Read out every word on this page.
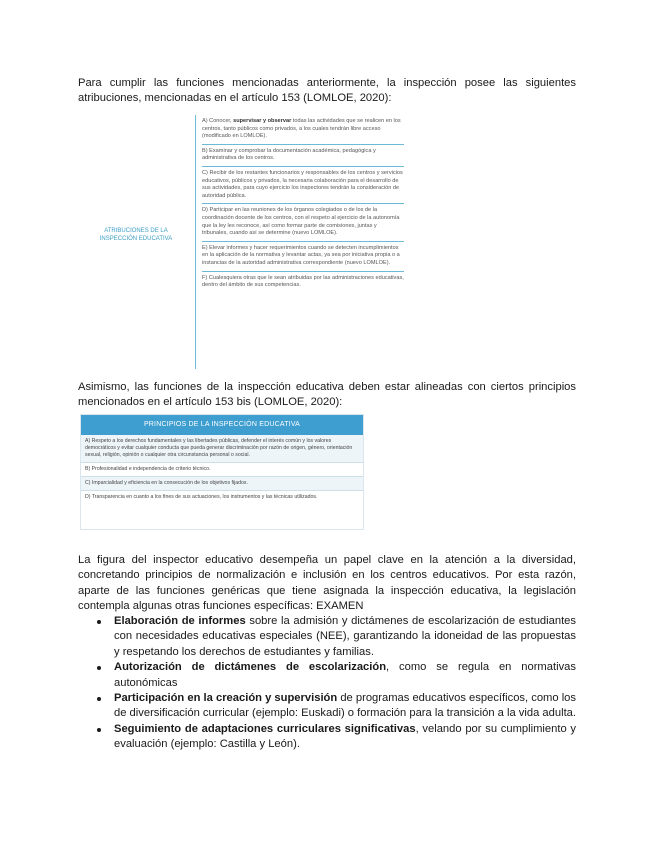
Para cumplir las funciones mencionadas anteriormente, la inspección posee las siguientes atribuciones, mencionadas en el artículo 153 (LOMLOE, 2020):

ATRIBUCIONES DE LA INSPECCIÓN EDUCATIVA
A) Conocer, supervisar y observar todas las actividades que se realicen en los centros, tanto públicos como privados, a los cuales tendrán libre acceso (modificado en LOMLOE).
B) Examinar y comprobar la documentación académica, pedagógica y administrativa de los centros.
C) Recibir de los restantes funcionarios y responsables de los centros y servicios educativos, públicos y privados, la necesaria colaboración para el desarrollo de sus actividades, para cuyo ejercicio los inspectores tendrán la consideración de autoridad pública.
D) Participar en las reuniones de los órganos colegiados o de los de la coordinación docente de los centros, con el respeto al ejercicio de la autonomía que la ley les reconoce, así como formar parte de comisiones, juntas y tribunales, cuando así se determine (nuevo LOMLOE).
E) Elevar informes y hacer requerimientos cuando se detecten incumplimientos en la aplicación de la normativa y levantar actas, ya sea por iniciativa propia o a instancias de la autoridad administrativa correspondiente (nuevo LOMLOE).
F) Cualesquiera otras que le sean atribuidas por las administraciones educativas, dentro del ámbito de sus competencias.

Asimismo, las funciones de la inspección educativa deben estar alineadas con ciertos principios mencionados en el artículo 153 bis (LOMLOE, 2020):

PRINCIPIOS DE LA INSPECCIÓN EDUCATIVA
A) Respeto a los derechos fundamentales y las libertades públicas, defender el interés común y los valores democráticos y evitar cualquier conducta que pueda generar discriminación por razón de origen, género, orientación sexual, religión, opinión o cualquier otra circunstancia personal o social.
B) Profesionalidad e independencia de criterio técnico.
C) Imparcialidad y eficiencia en la consecución de los objetivos fijados.
D) Transparencia en cuanto a los fines de sus actuaciones, los instrumentos y las técnicas utilizados.

La figura del inspector educativo desempeña un papel clave en la atención a la diversidad, concretando principios de normalización e inclusión en los centros educativos. Por esta razón, aparte de las funciones genéricas que tiene asignada la inspección educativa, la legislación contempla algunas otras funciones específicas: EXAMEN

Elaboración de informes sobre la admisión y dictámenes de escolarización de estudiantes con necesidades educativas especiales (NEE), garantizando la idoneidad de las propuestas y respetando los derechos de estudiantes y familias.
Autorización de dictámenes de escolarización, como se regula en normativas autonómicas
Participación en la creación y supervisión de programas educativos específicos, como los de diversificación curricular (ejemplo: Euskadi) o formación para la transición a la vida adulta.
Seguimiento de adaptaciones curriculares significativas, velando por su cumplimiento y evaluación (ejemplo: Castilla y León).
